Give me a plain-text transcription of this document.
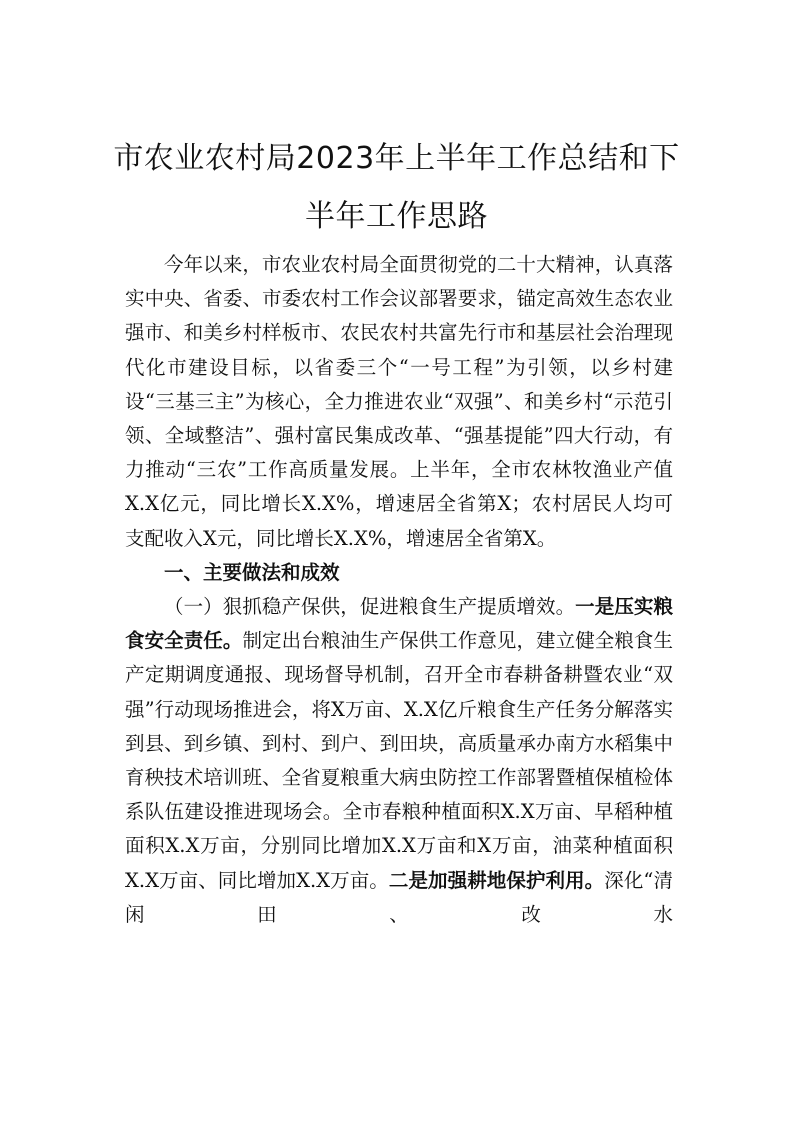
市农业农村局2023年上半年工作总结和下
半年工作思路

今年以来，市农业农村局全面贯彻党的二十大精神，认真落实中央、省委、市委农村工作会议部署要求，锚定高效生态农业强市、和美乡村样板市、农民农村共富先行市和基层社会治理现代化市建设目标，以省委三个“一号工程”为引领，以乡村建设“三基三主”为核心，全力推进农业“双强”、和美乡村“示范引领、全域整洁”、强村富民集成改革、“强基提能”四大行动，有力推动“三农”工作高质量发展。上半年，全市农林牧渔业产值X.X亿元，同比增长X.X%，增速居全省第X；农村居民人均可支配收入X元，同比增长X.X%，增速居全省第X。

一、主要做法和成效

（一）狠抓稳产保供，促进粮食生产提质增效。一是压实粮食安全责任。制定出台粮油生产保供工作意见，建立健全粮食生产定期调度通报、现场督导机制，召开全市春耕备耕暨农业“双强”行动现场推进会，将X万亩、X.X亿斤粮食生产任务分解落实到县、到乡镇、到村、到户、到田块，高质量承办南方水稻集中育秧技术培训班、全省夏粮重大病虫防控工作部署暨植保植检体系队伍建设推进现场会。全市春粮种植面积X.X万亩、早稻种植面积X.X万亩，分别同比增加X.X万亩和X万亩，油菜种植面积X.X万亩、同比增加X.X万亩。二是加强耕地保护利用。深化“清闲田、改水
